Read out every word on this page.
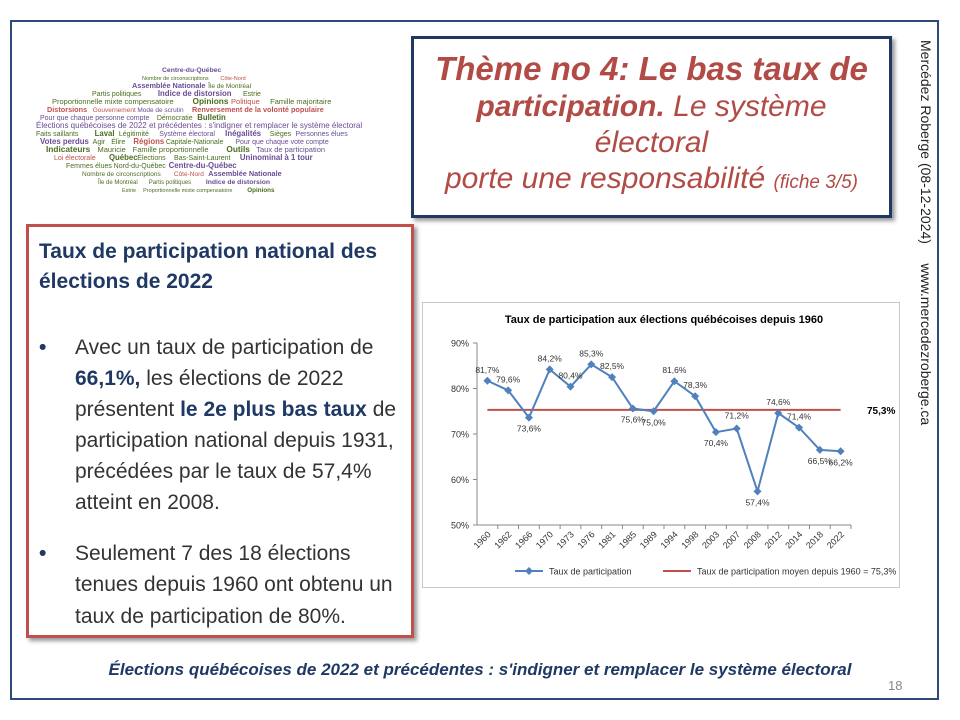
Centre-du-Québec
Nombre de circonscriptions Côte-Nord
Assemblée Nationale Île de Montréal
Partis politiques Indice de distorsion Estrie
Proportionnelle mixte compensatoire Opinions Politique Famille majoritaire
Distorsions Gouvernement Mode de scrutin Renversement de la volonté populaire
Pour que chaque personne compte Démocratie Bulletin
Élections québécoises de 2022 et précédentes : s'indigner et remplacer le système électoral
Faits saillants Laval Légitimité Système électoral Inégalités Sièges Personnes élues
Votes perdus Agir Élire Régions Capitale-Nationale Pour que chaque vote compte
Indicateurs Mauricie Famille proportionnelle Outils Taux de participation
Loi électorale Québec Élections Bas-Saint-Laurent Uninominal à 1 tour
Femmes élues Nord-du-Québec Centre-du-Québec
Nombre de circonscriptions Côte-Nord Assemblée Nationale
Île de Montréal Partis politiques Indice de distorsion
Estrie Proportionnelle mixte compensatoire Opinions
Thème no 4: Le bas taux de
participation. Le système électoral
porte une responsabilité (fiche 3/5)	Mercédez Roberge (08-12-2024)     www.mercedezroberge.ca
Taux de participation national des élections de 2022
• Avec un taux de participation de 66,1%, les élections de 2022 présentent le 2e plus bas taux de participation national depuis 1931, précédées par le taux de 57,4% atteint en 2008.
• Seulement 7 des 18 élections tenues depuis 1960 ont obtenu un taux de participation de 80%.
Taux de participation aux élections québécoises depuis 1960
50%
60%
70%
80%
90%
1960 1962 1966 1970 1973 1976 1981 1985 1989 1994 1998 2003 2007 2008 2012 2014 2018 2022
75,3%
81,7%
79,6%
73,6%
84,2%
80,4%
85,3%
82,5%
75,6%
75,0%
81,6%
78,3%
70,4%
71,2%
57,4%
74,6%
71,4%
66,5%
66,2%
Taux de participation	Taux de participation moyen depuis 1960 = 75,3%
Élections québécoises de 2022 et précédentes : s'indigner et remplacer le système électoral
18
